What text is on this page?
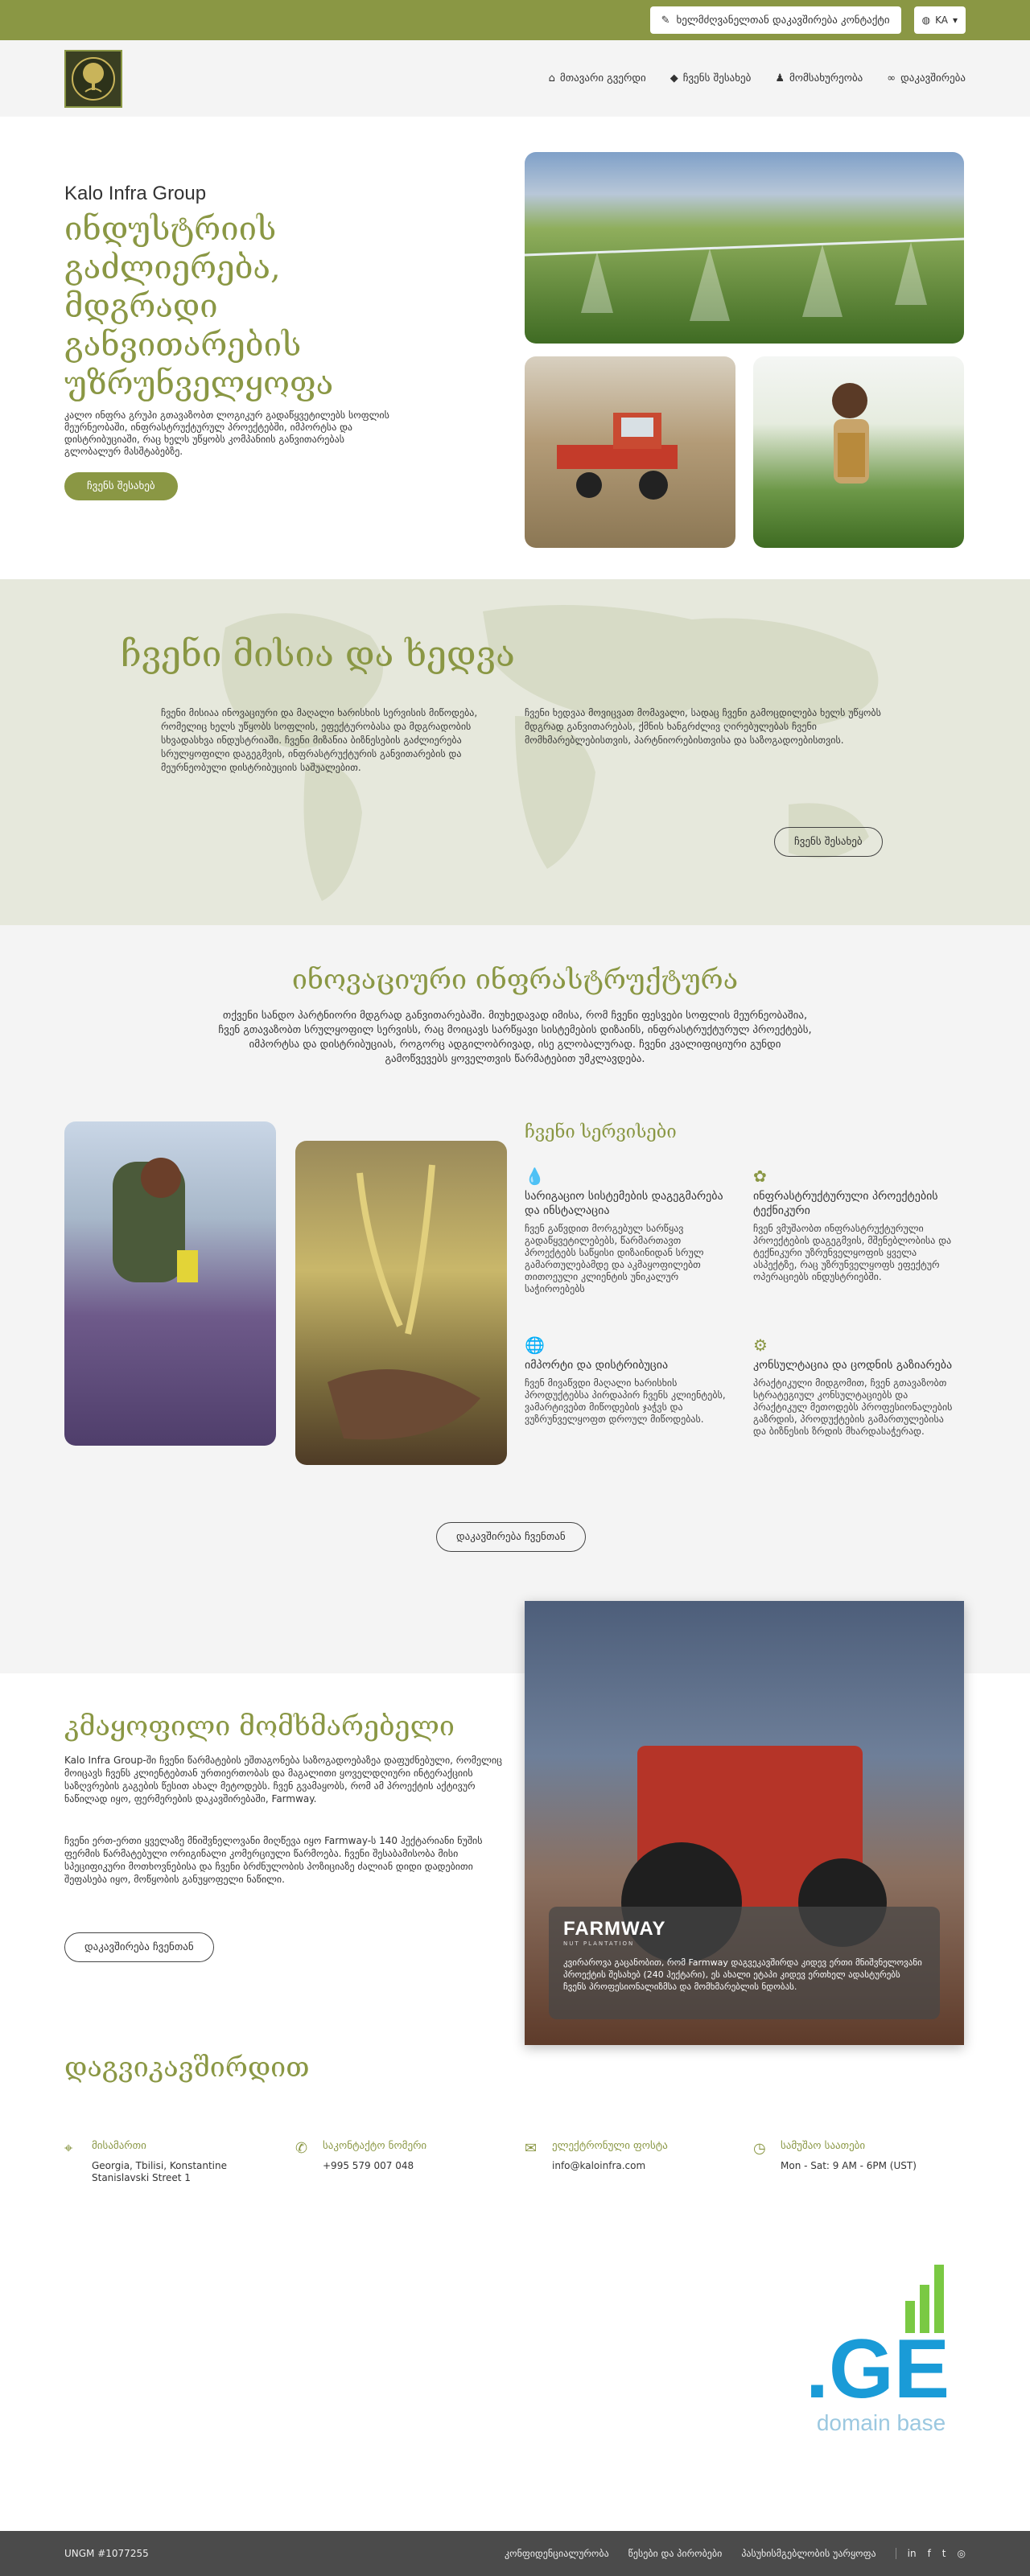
✎ ხელმძღვანელთან დაკავშირება კონტაქტი	◍ KA ▾
⌂ მთავარი გვერდი ◆ ჩვენს შესახებ ♟ მომსახურეობა ∞ დაკავშირება
Kalo Infra Group
ინდუსტრიის გაძლიერება, მდგრადი განვითარების უზრუნველყოფა

კალო ინფრა გრუპი გთავაზობთ ლოგიკურ გადაწყვეტილებს სოფლის მეურნეობაში, ინფრასტრუქტურულ პროექტებში, იმპორტსა და დისტრიბუციაში, რაც ხელს უწყობს კომპანიის განვითარებას გლობალურ მასშტაბებზე.

ჩვენს შესახებ
ჩვენი მისია და ხედვა
ჩვენი მისიაა ინოვაციური და მაღალი ხარისხის სერვისის მიწოდება, რომელიც ხელს უწყობს სოფლის, ეფექტურობასა და მდგრადობის სხვადასხვა ინდუსტრიაში. ჩვენი მიზანია ბიზნესების გაძლიერება სრულყოფილი დაგეგმვის, ინფრასტრუქტურის განვითარების და მეურნეობული დისტრიბუციის საშუალებით.
ჩვენი ხედვაა მოვიცვათ მომავალი, სადაც ჩვენი გამოცდილება ხელს უწყობს მდგრად განვითარებას, ქმნის ხანგრძლივ ღირებულებას ჩვენი მომხმარებლებისთვის, პარტნიორებისთვისა და საზოგადოებისთვის.
ჩვენს შესახებ
ინოვაციური ინფრასტრუქტურა

თქვენი სანდო პარტნიორი მდგრად განვითარებაში. მიუხედავად იმისა, რომ ჩვენი ფესვები სოფლის მეურნეობაშია, ჩვენ გთავაზობთ სრულყოფილ სერვისს, რაც მოიცავს სარწყავი სისტემების დიზაინს, ინფრასტრუქტურულ პროექტებს, იმპორტსა და დისტრიბუციას, როგორც ადგილობრივად, ისე გლობალურად. ჩვენი კვალიფიციური გუნდი გამოწვევებს ყოველთვის წარმატებით უმკლავდება.

ჩვენი სერვისები
💧
სარიგაციო სისტემების დაგეგმარება და ინსტალაცია
ჩვენ გაწვდით მორგებულ სარწყავ გადაწყვეტილებებს, წარმართავთ პროექტებს საწყისი დიზაინიდან სრულ გამართულებამდე და აკმაყოფილებთ თითოეული კლიენტის უნიკალურ საჭიროებებს
✿
ინფრასტრუქტურული პროექტების ტექნიკური
ჩვენ ვმუშაობთ ინფრასტრუქტურული პროექტების დაგეგმვის, მშენებლობისა და ტექნიკური უზრუნველყოფის ყველა ასპექტზე, რაც უზრუნველყოფს ეფექტურ ოპერაციებს ინდუსტრიებში.
🌐
იმპორტი და დისტრიბუცია
ჩვენ მივაწვდი მაღალი ხარისხის პროდუქტებსა პირდაპირ ჩვენს კლიენტებს, ვამარტივებთ მიწოდების ჯაჭვს და ვუზრუნველყოფთ დროულ მიწოდებას.
⚙
კონსულტაცია და ცოდნის გაზიარება
პრაქტიკული მიდგომით, ჩვენ გთავაზობთ სტრატეგიულ კონსულტაციებს და პრაქტიკულ მეთოდებს პროფესიონალების გაზრდის, პროდუქტების გამართულებისა და ბიზნესის ზრდის მხარდასაჭერად.
დაკავშირება ჩვენთან
კმაყოფილი მომხმარებელი

Kalo Infra Group-ში ჩვენი წარმატების ეშთაგონება საზოგადოებაზეა დაფუძნებული, რომელიც მოიცავს ჩვენს კლიენტებთან ურთიერთობას და მაგალითი ყოველდღიური ინტერაქციის საზღვრების გაგების წესით ახალ მეტოდებს. ჩვენ გვამაყობს, რომ ამ პროექტის აქტივურ ნაწილად იყო, ფერმერების დაკავშირებაში, Farmway.

ჩვენი ერთ-ერთი ყველაზე მნიშვნელოვანი მიღწევა იყო Farmway-ს 140 ჰექტარიანი ნუშის ფერმის წარმატებული ორიგინალი კომერციული წარმოება. ჩვენი შესაბამისობა მისი სპეციფიკური მოთხოვნებისა და ჩვენი ბრძნულობის პოზიციაზე ძალიან დიდი დადებითი შეფასება იყო, მოწყობის განუყოფელი ნაწილი.

დაკავშირება ჩვენთან
FARMWAY
NUT PLANTATION
კვირაროვა გაცანობით, რომ Farmway დაგვეკავშირდა კიდევ ერთი მნიშვნელოვანი პროექტის შესახებ (240 ჰექტარი), ეს ახალი ეტაპი კიდევ ერთხელ ადასტურებს ჩვენს პროფესიონალიზმსა და მომხმარებლის ნდობას.
დაგვიკავშირდით
⌖	მისამართი
Georgia, Tbilisi, Konstantine Stanislavski Street 1
✆	საკონტაქტო ნომერი
+995 579 007 048
✉	ელექტრონული ფოსტა
info@kaloinfra.com
◷	სამუშაო საათები
Mon - Sat: 9 AM - 6PM (UST)
.GE
domain base
UNGM #1077255	კონფიდენციალურობა წესები და პირობები პასუხისმგებლობის უარყოფა	in f t ◎
